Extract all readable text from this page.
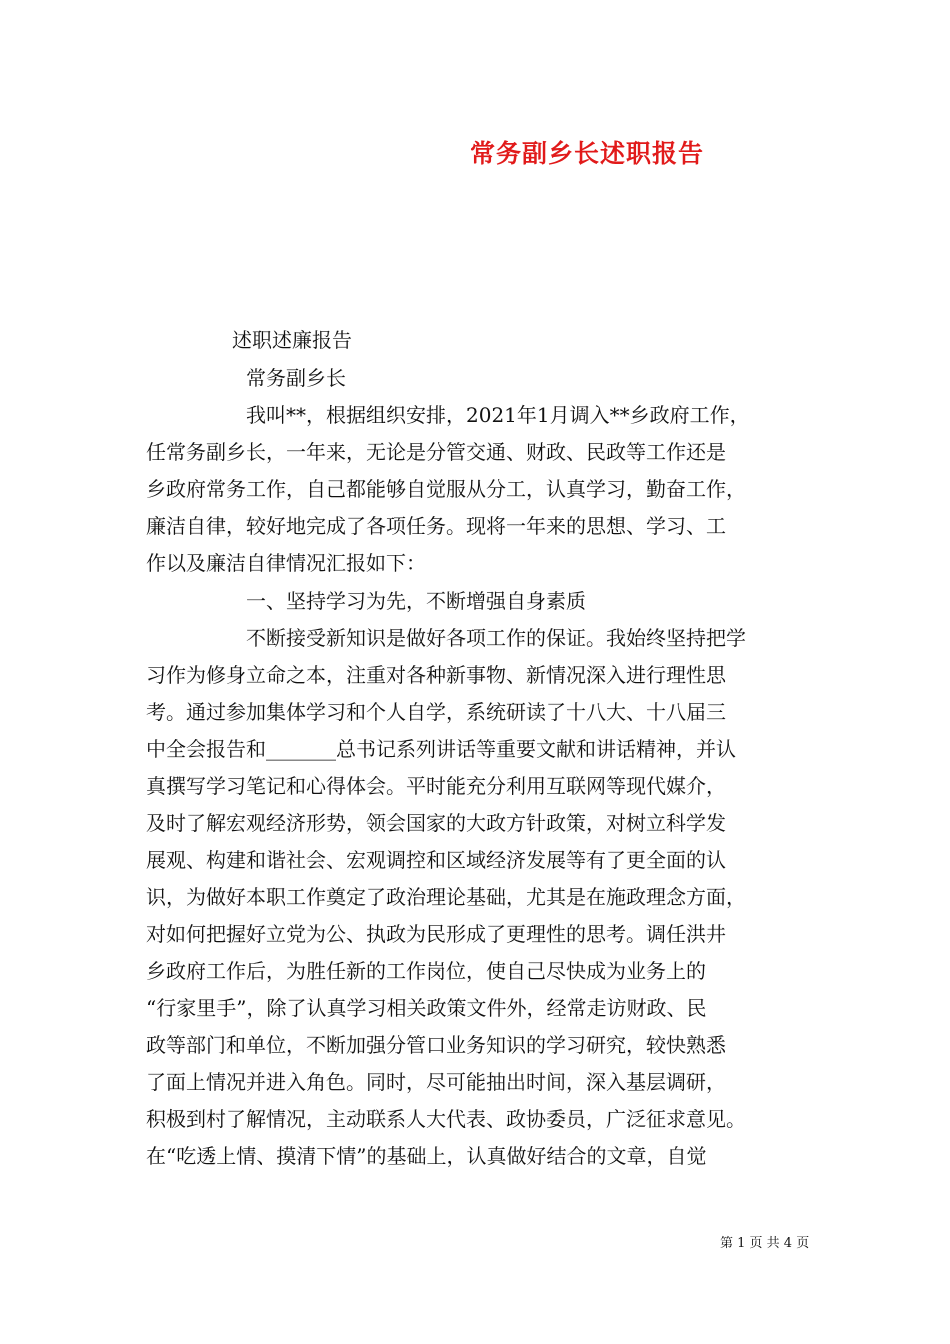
常务副乡长述职报告
述职述廉报告
常务副乡长
我叫**，根据组织安排，2021年1月调入**乡政府工作，
任常务副乡长，一年来，无论是分管交通、财政、民政等工作还是
乡政府常务工作，自己都能够自觉服从分工，认真学习，勤奋工作，
廉洁自律，较好地完成了各项任务。现将一年来的思想、学习、工
作以及廉洁自律情况汇报如下：
一、坚持学习为先，不断增强自身素质
不断接受新知识是做好各项工作的保证。我始终坚持把学
习作为修身立命之本，注重对各种新事物、新情况深入进行理性思
考。通过参加集体学习和个人自学，系统研读了十八大、十八届三
中全会报告和_______总书记系列讲话等重要文献和讲话精神，并认
真撰写学习笔记和心得体会。平时能充分利用互联网等现代媒介，
及时了解宏观经济形势，领会国家的大政方针政策，对树立科学发
展观、构建和谐社会、宏观调控和区域经济发展等有了更全面的认
识，为做好本职工作奠定了政治理论基础，尤其是在施政理念方面，
对如何把握好立党为公、执政为民形成了更理性的思考。调任洪井
乡政府工作后，为胜任新的工作岗位，使自己尽快成为业务上的
“行家里手”，除了认真学习相关政策文件外，经常走访财政、民
政等部门和单位，不断加强分管口业务知识的学习研究，较快熟悉
了面上情况并进入角色。同时，尽可能抽出时间，深入基层调研，
积极到村了解情况，主动联系人大代表、政协委员，广泛征求意见。
在“吃透上情、摸清下情”的基础上，认真做好结合的文章，自觉
第 1 页 共 4 页
